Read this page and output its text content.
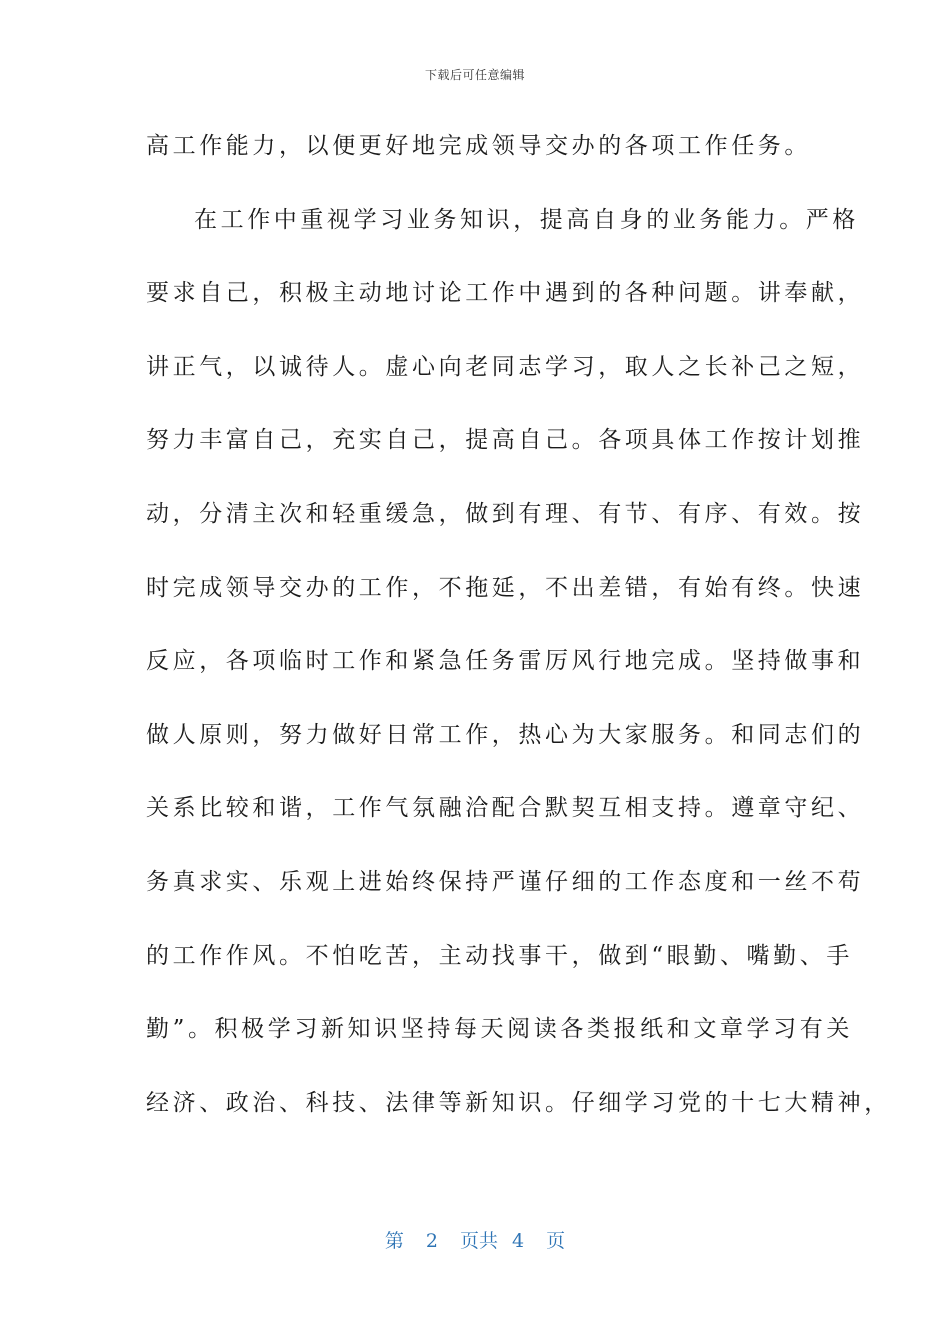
下载后可任意编辑
高工作能力，以便更好地完成领导交办的各项工作任务。
在工作中重视学习业务知识，提高自身的业务能力。严格
要求自己，积极主动地讨论工作中遇到的各种问题。讲奉献，
讲正气，以诚待人。虚心向老同志学习，取人之长补己之短，
努力丰富自己，充实自己，提高自己。各项具体工作按计划推
动，分清主次和轻重缓急，做到有理、有节、有序、有效。按
时完成领导交办的工作，不拖延，不出差错，有始有终。快速
反应，各项临时工作和紧急任务雷厉风行地完成。坚持做事和
做人原则，努力做好日常工作，热心为大家服务。和同志们的
关系比较和谐，工作气氛融洽配合默契互相支持。遵章守纪、
务真求实、乐观上进始终保持严谨仔细的工作态度和一丝不苟
的工作作风。不怕吃苦，主动找事干，做到“眼勤、嘴勤、手
勤”。积极学习新知识坚持每天阅读各类报纸和文章学习有关
经济、政治、科技、法律等新知识。仔细学习党的十七大精神，
第 2 页共 4 页
